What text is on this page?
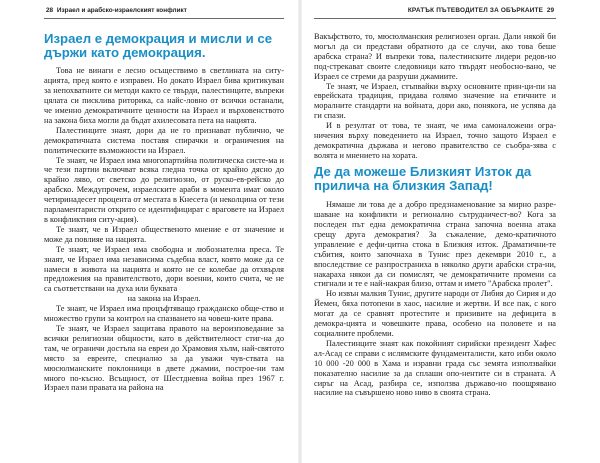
28 Израел и арабско-израелският конфликт
Израел е демокрация и мисли и се държи като демокрация.

Това не винаги е лесно осъществимо в светлината на ситу-ацията, пред която е изправен. Но докато Израел бива критикуван за непохватните си методи както се твърди, палестинците, въпреки цялата си писклива риторика, са найс-ловно от всички останали, че именно демократичните ценности на Израел и върховенството на закона биха могли да бъдат ахилесовата пета на нацията.

Палестинците знаят, дори да не го признават публично, че демократичната система поставя спирачки и ограничения на политическите възможности на Израел.

Те знаят, че Израел има многопартийна политическа систе-ма и че тези партии включват всяка гледна точка от крайно дясно до крайно ляво, от светско до религиозно, от руско-ев-рейско до арабско. Междупрочем, израелските араби в момента имат около четиринадесет процента от местата в Кнесета (и неколцина от тези парламентаристи открито се идентифицират с враговете на Израел в конфликтния ситу-ация).

Те знаят, че в Израел общественото мнение е от значение и може да повлияе на нацията.

Те знаят, че Израел има свободна и любознателна преса. Те знаят, че Израел има независима съдебна власт, която може да се намеси в живота на нацията и която не се колебае да отхвърля предложения на правителството, дори военни, които счита, че не са съответствани на духа или буквата

на закона на Израел.

Те знаят, че Израел има процъфтяващо гражданско обще-ство и множество групи за контрол на спазването на човеш-ките права.

Те знаят, че Израел защитава правото на вероизповедание за всички религиозни общности, като в действителност стиг-на до там, че ограничи достъпа на евреи до Храмовия хълм, най-святото място за евреите, специално за да уважи чув-ствата на мюсюлманските поклонници в двете джамии, построе-ни там много по-късно. Всъщност, от Шестдневна война през 1967 г. Израел пази правата на района на

КРАТЪК ПЪТЕВОДИТЕЛ ЗА ОБЪРКАИТЕ 29

Вакъфството, то, мюсюлманския религиозен орган. Дали някой би могъл да си представи обратното да се случи, ако това беше арабска страна? И въпреки това, палестинските лидери редов-но под-стрекават своите следовници като твърдят необосно-вано, че Израел се стреми да разруши джамиите.

Те знаят, че Израел, стъпвайки върху основните прин-ци-пи на еврейската традиция, придава голямо значение на етичните и моралните стандарти на войната, дори ако, понякога, не успява да ги спази.

И в резултат от това, те знаят, че има самоналожени огра-ничения върху поведението на Израел, точно защото Израел е демократична държава и негово правителство се съобра-зява с волята и мнението на хората.

Де да можеше Близкият Изток да прилича на близкия Запад!

Нямаше ли това де а добро предзнаменование за мирно разре-шаване на конфликти и регионално сътрудничест-во? Кога за последен път една демократична страна започна военна атака срещу друга демократия? За съжаление, демо-кратичното управление е дефи-цитна стока в Близкия изток. Драматични-те събития, които започнаха в Тунис през декември 2010 г., а впоследствие се разпространиха в няколко други арабски стра-ни, накараха някои да си помислят, че демократичните промени са стигнали и те е най-накрая близо, оттам и името "Арабска пролет".

Но извън малкия Тунис, другите народи от Либия до Сирия и до Йемен, бяха потопени в хаос, насилие и жертви. И все пак, с кого могат да се сравнят протестите и призивите на дефицита в демокра-цията и човешките права, особено на половете и на социалните проблеми.

Палестинците знаят как покойният сирийски президент Хафес ал-Асад се справи с ислямските фундаменталисти, като изби около 10 000 -20 000 в Хама и изравни града със земята използвайки показателно насилие за да сплаши опо-нентите си в страната. А сиръг на Асад, разбира се, използва държаво-но поощрявано насилие на съвършено ново ниво в своята страна.
